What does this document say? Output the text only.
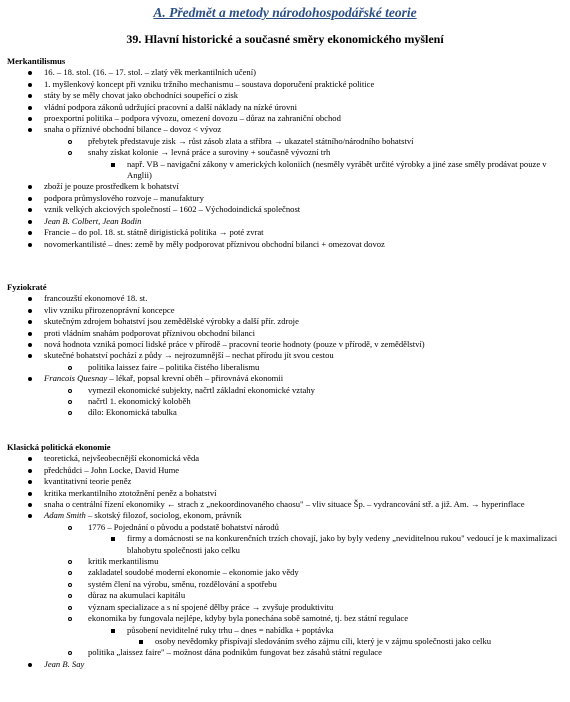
A. Předmět a metody národohospodářské teorie
39. Hlavní historické a současné směry ekonomického myšlení
Merkantilismus
16. – 18. stol. (16. – 17. stol. – zlatý věk merkantilních učení)
1. myšlenkový koncept při vzniku tržního mechanismu – soustava doporučení praktické politice
státy by se měly chovat jako obchodníci soupeřící o zisk
vládní podpora zákonů udržující pracovní a další náklady na nízké úrovni
proexportní politika – podpora vývozu, omezení dovozu – důraz na zahraniční obchod
snaha o příznivé obchodní bilance – dovoz < vývoz
přebytek představuje zisk → růst zásob zlata a stříbra → ukazatel státního/národního bohatství
snahy získat kolonie → levná práce a suroviny + současně vývozní trh
např. VB – navigační zákony v amerických koloniích (nesměly vyrábět určité výrobky a jiné zase směly prodávat pouze v Anglii)
zboží je pouze prostředkem k bohatství
podpora průmyslového rozvoje – manufaktury
vznik velkých akciových společností – 1602 – Východoindická společnost
Jean B. Colbert, Jean Bodin
Francie – do pol. 18. st. státně dirigistická politika → poté zvrat
novomerkantilisté – dnes: země by měly podporovat příznivou obchodní bilanci + omezovat dovoz
Fyziokraté
francouzští ekonomové 18. st.
vliv vzniku přirozenoprávní koncepce
skutečným zdrojem bohatství jsou zemědělské výrobky a další přír. zdroje
proti vládním snahám podporovat příznivou obchodní bilanci
nová hodnota vzniká pomocí lidské práce v přírodě – pracovní teorie hodnoty (pouze v přírodě, v zemědělství)
skutečné bohatství pochází z půdy → nejrozumnější – nechat přírodu jít svou cestou
politika laissez faire – politika čistého liberalismu
Francois Quesnay – lékař, popsal krevní oběh – přirovnává ekonomii
vymezil ekonomické subjekty, načrtl základní ekonomické vztahy
načrtl 1. ekonomický koloběh
dílo: Ekonomická tabulka
Klasická politická ekonomie
teoretická, nejvšeobecnější ekonomická věda
předchůdci – John Locke, David Hume
kvantitativní teorie peněz
kritika merkantilního ztotožnění peněz a bohatství
snaha o centrální řízení ekonomiky ← strach z „nekoordinovaného chaosu" – vliv situace Šp. – vydrancování stř. a již. Am. → hyperinflace
Adam Smith – skotský filozof, sociolog, ekonom, právník
1776 – Pojednání o původu a podstatě bohatství národů
firmy a domácnosti se na konkurenčních trzích chovají, jako by byly vedeny „neviditelnou rukou" vedoucí je k maximalizaci blahobytu společnosti jako celku
kritik merkantilismu
zakladatel soudobé moderní ekonomie – ekonomie jako vědy
systém člení na výrobu, směnu, rozdělování a spotřebu
důraz na akumulaci kapitálu
význam specializace a s ní spojené dělby práce → zvyšuje produktivitu
ekonomika by fungovala nejlépe, kdyby byla ponechána sobě samotné, tj. bez státní regulace
působení neviditelné ruky trhu – dnes = nabídka + poptávka
osoby nevědomky přispívají sledováním svého zájmu cíli, který je v zájmu společnosti jako celku
politika „laissez faire" – možnost dána podnikům fungovat bez zásahů státní regulace
Jean B. Say
